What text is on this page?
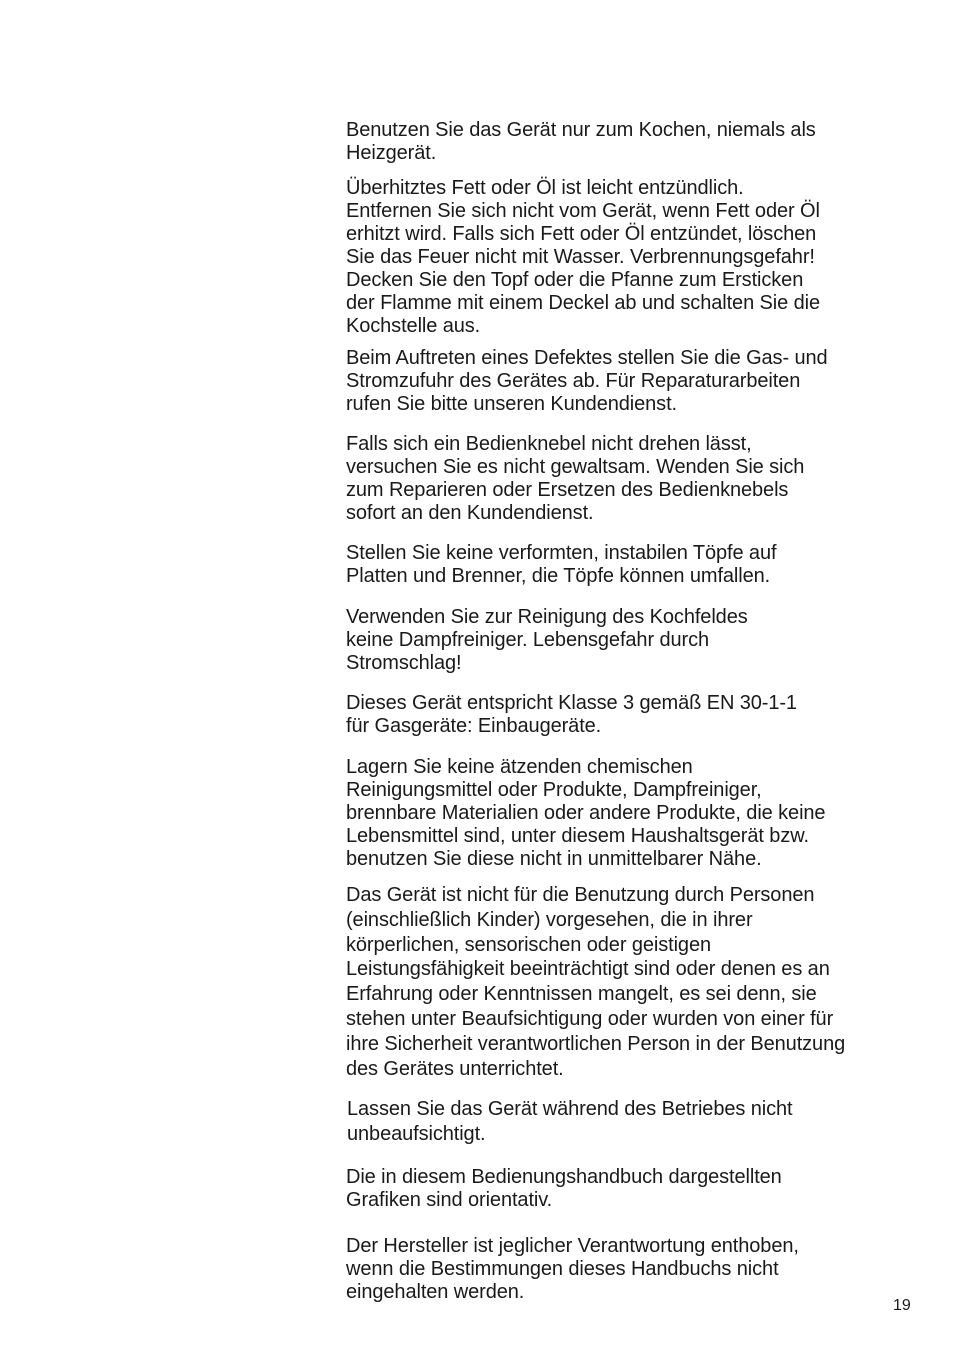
Benutzen Sie das Gerät nur zum Kochen, niemals als
Heizgerät.

Überhitztes Fett oder Öl ist leicht entzündlich.
Entfernen Sie sich nicht vom Gerät, wenn Fett oder Öl
erhitzt wird. Falls sich Fett oder Öl entzündet, löschen
Sie das Feuer nicht mit Wasser. Verbrennungsgefahr!
Decken Sie den Topf oder die Pfanne zum Ersticken
der Flamme mit einem Deckel ab und schalten Sie die
Kochstelle aus.

Beim Auftreten eines Defektes stellen Sie die Gas- und
Stromzufuhr des Gerätes ab. Für Reparaturarbeiten
rufen Sie bitte unseren Kundendienst.

Falls sich ein Bedienknebel nicht drehen lässt,
versuchen Sie es nicht gewaltsam. Wenden Sie sich
zum Reparieren oder Ersetzen des Bedienknebels
sofort an den Kundendienst.

Stellen Sie keine verformten, instabilen Töpfe auf
Platten und Brenner, die Töpfe können umfallen.

Verwenden Sie zur Reinigung des Kochfeldes
keine Dampfreiniger. Lebensgefahr durch
Stromschlag!

Dieses Gerät entspricht Klasse 3 gemäß EN 30-1-1
für Gasgeräte: Einbaugeräte.

Lagern Sie keine ätzenden chemischen
Reinigungsmittel oder Produkte, Dampfreiniger,
brennbare Materialien oder andere Produkte, die keine
Lebensmittel sind, unter diesem Haushaltsgerät bzw.
benutzen Sie diese nicht in unmittelbarer Nähe.

Das Gerät ist nicht für die Benutzung durch Personen
(einschließlich Kinder) vorgesehen, die in ihrer
körperlichen, sensorischen oder geistigen
Leistungsfähigkeit beeinträchtigt sind oder denen es an
Erfahrung oder Kenntnissen mangelt, es sei denn, sie
stehen unter Beaufsichtigung oder wurden von einer für
ihre Sicherheit verantwortlichen Person in der Benutzung
des Gerätes unterrichtet.

Lassen Sie das Gerät während des Betriebes nicht
unbeaufsichtigt.

Die in diesem Bedienungshandbuch dargestellten
Grafiken sind orientativ.

Der Hersteller ist jeglicher Verantwortung enthoben,
wenn die Bestimmungen dieses Handbuchs nicht
eingehalten werden.

19
